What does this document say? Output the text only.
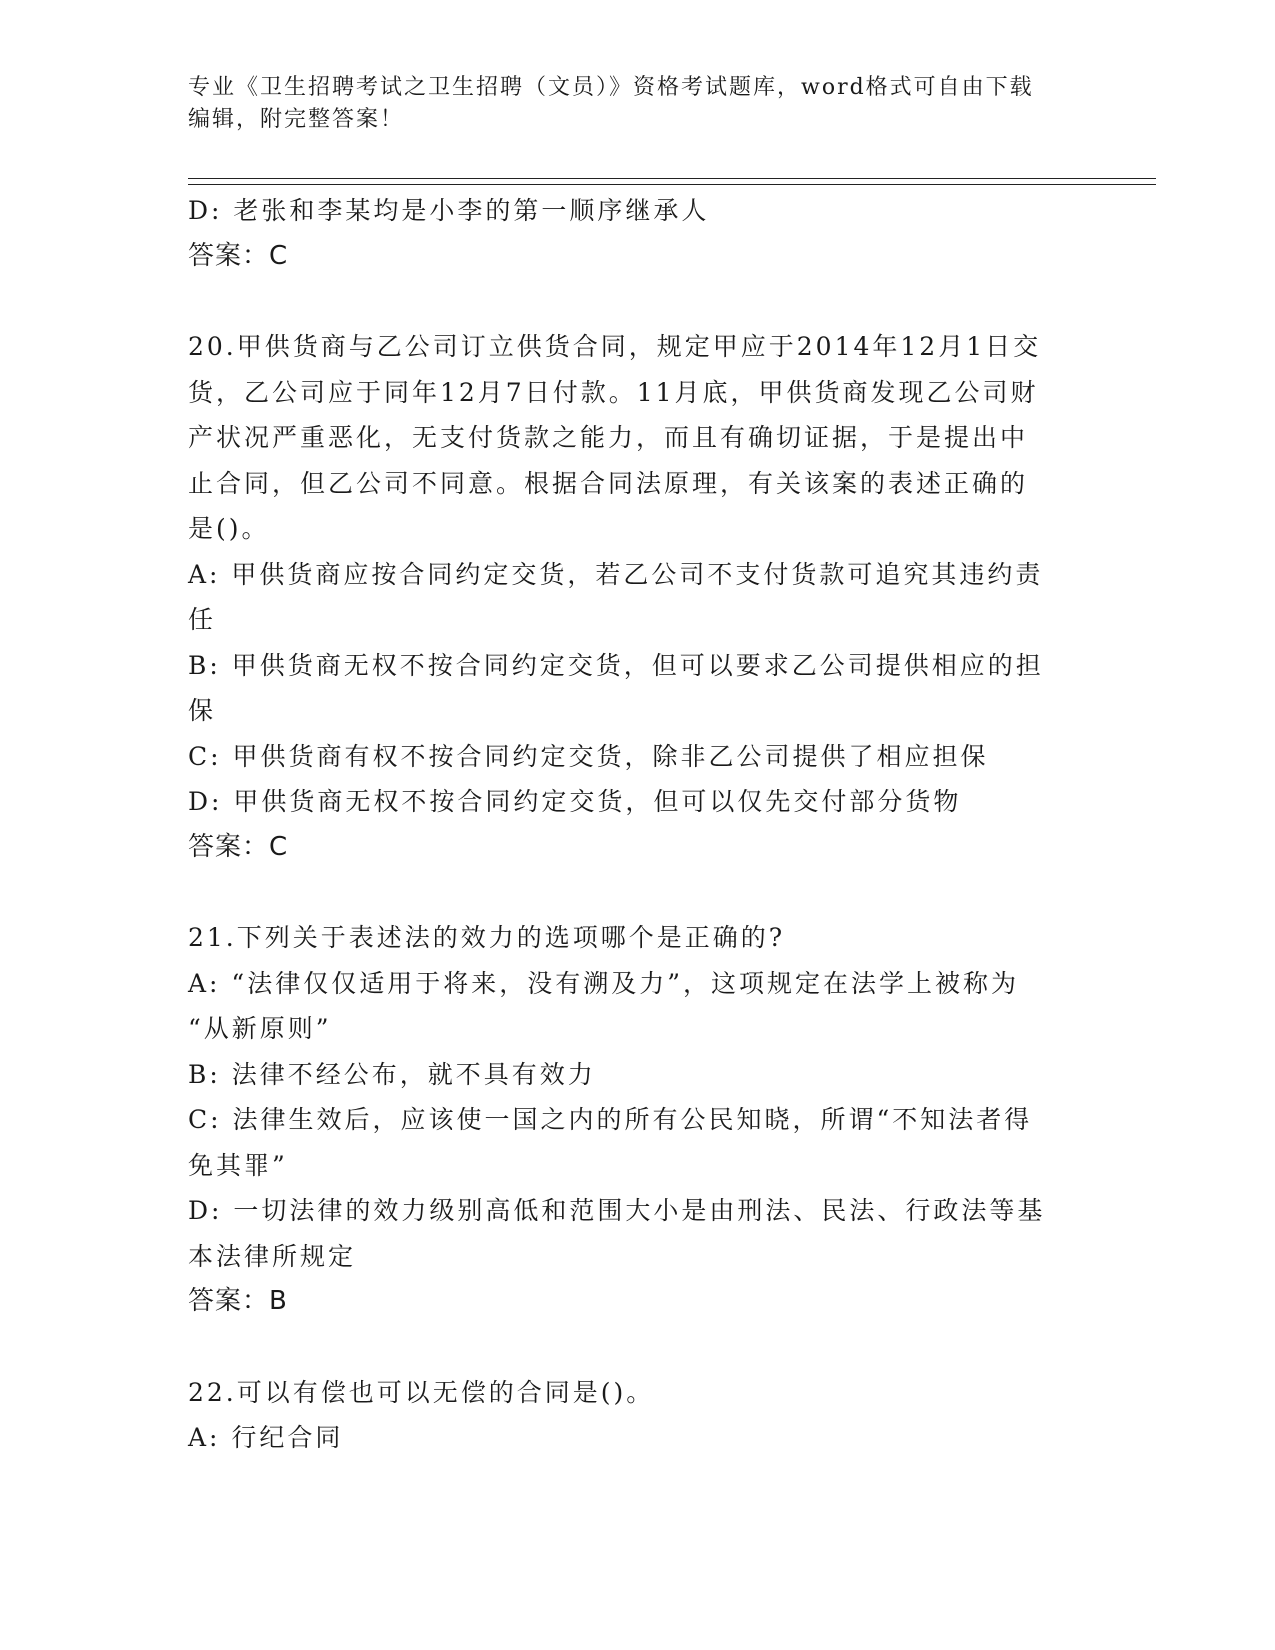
专业《卫生招聘考试之卫生招聘（文员）》资格考试题库，word格式可自由下载
编辑，附完整答案！
D: 老张和李某均是小李的第一顺序继承人
答案：C
20.甲供货商与乙公司订立供货合同，规定甲应于2014年12月1日交
货，乙公司应于同年12月7日付款。11月底，甲供货商发现乙公司财
产状况严重恶化，无支付货款之能力，而且有确切证据，于是提出中
止合同，但乙公司不同意。根据合同法原理，有关该案的表述正确的
是()。
A: 甲供货商应按合同约定交货，若乙公司不支付货款可追究其违约责
任
B: 甲供货商无权不按合同约定交货，但可以要求乙公司提供相应的担
保
C: 甲供货商有权不按合同约定交货，除非乙公司提供了相应担保
D: 甲供货商无权不按合同约定交货，但可以仅先交付部分货物
答案：C
21.下列关于表述法的效力的选项哪个是正确的?
A: “法律仅仅适用于将来，没有溯及力”，这项规定在法学上被称为
“从新原则”
B: 法律不经公布，就不具有效力
C: 法律生效后，应该使一国之内的所有公民知晓，所谓“不知法者得
免其罪”
D: 一切法律的效力级别高低和范围大小是由刑法、民法、行政法等基
本法律所规定
答案：B
22.可以有偿也可以无偿的合同是()。
A: 行纪合同
